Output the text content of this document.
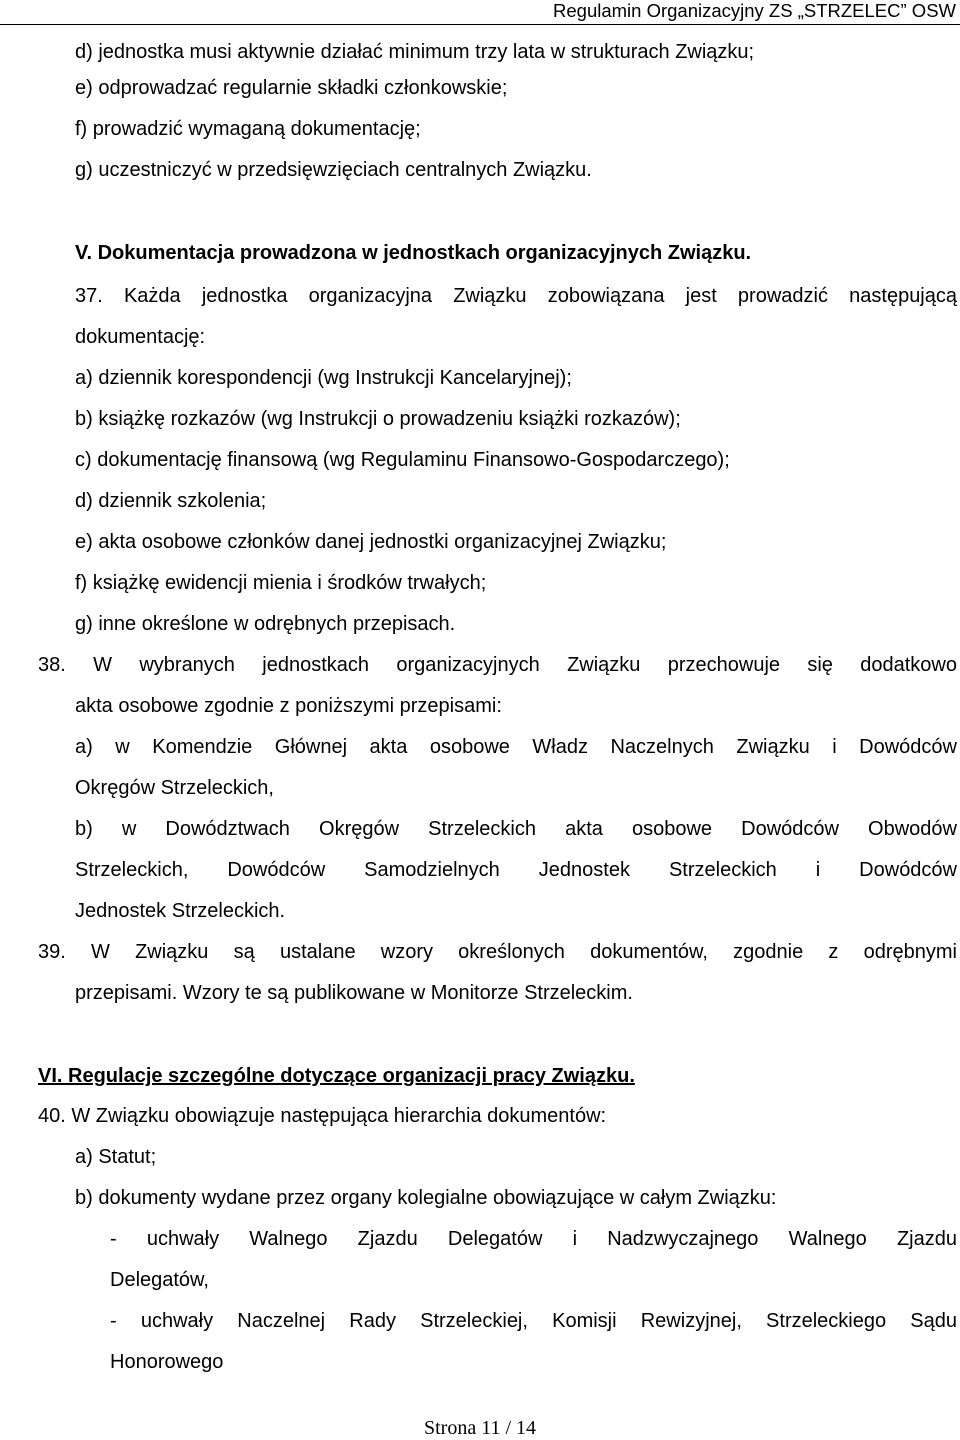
Regulamin Organizacyjny ZS „STRZELEC” OSW
d) jednostka musi aktywnie działać minimum trzy lata w strukturach Związku;
e) odprowadzać regularnie składki członkowskie;
f) prowadzić wymaganą dokumentację;
g) uczestniczyć w przedsięwzięciach centralnych Związku.
V. Dokumentacja prowadzona w jednostkach organizacyjnych Związku.
37. Każda jednostka organizacyjna Związku zobowiązana jest prowadzić następującą
dokumentację:
a) dziennik korespondencji (wg Instrukcji Kancelaryjnej);
b) książkę rozkazów (wg Instrukcji o prowadzeniu książki rozkazów);
c) dokumentację finansową (wg Regulaminu Finansowo-Gospodarczego);
d) dziennik szkolenia;
e) akta osobowe członków danej jednostki organizacyjnej Związku;
f) książkę ewidencji mienia i środków trwałych;
g) inne określone w odrębnych przepisach.
38. W wybranych jednostkach organizacyjnych Związku przechowuje się dodatkowo
akta osobowe zgodnie z poniższymi przepisami:
a) w Komendzie Głównej akta osobowe Władz Naczelnych Związku i Dowódców
Okręgów Strzeleckich,
b) w Dowództwach Okręgów Strzeleckich akta osobowe Dowódców Obwodów
Strzeleckich, Dowódców Samodzielnych Jednostek Strzeleckich i Dowódców
Jednostek Strzeleckich.
39. W Związku są ustalane wzory określonych dokumentów, zgodnie z odrębnymi
przepisami. Wzory te są publikowane w Monitorze Strzeleckim.
VI. Regulacje szczególne dotyczące organizacji pracy Związku.
40. W Związku obowiązuje następująca hierarchia dokumentów:
a) Statut;
b) dokumenty wydane przez organy kolegialne obowiązujące w całym Związku:
- uchwały Walnego Zjazdu Delegatów i Nadzwyczajnego Walnego Zjazdu
Delegatów,
- uchwały Naczelnej Rady Strzeleckiej, Komisji Rewizyjnej, Strzeleckiego Sądu
Honorowego
Strona 11 / 14
